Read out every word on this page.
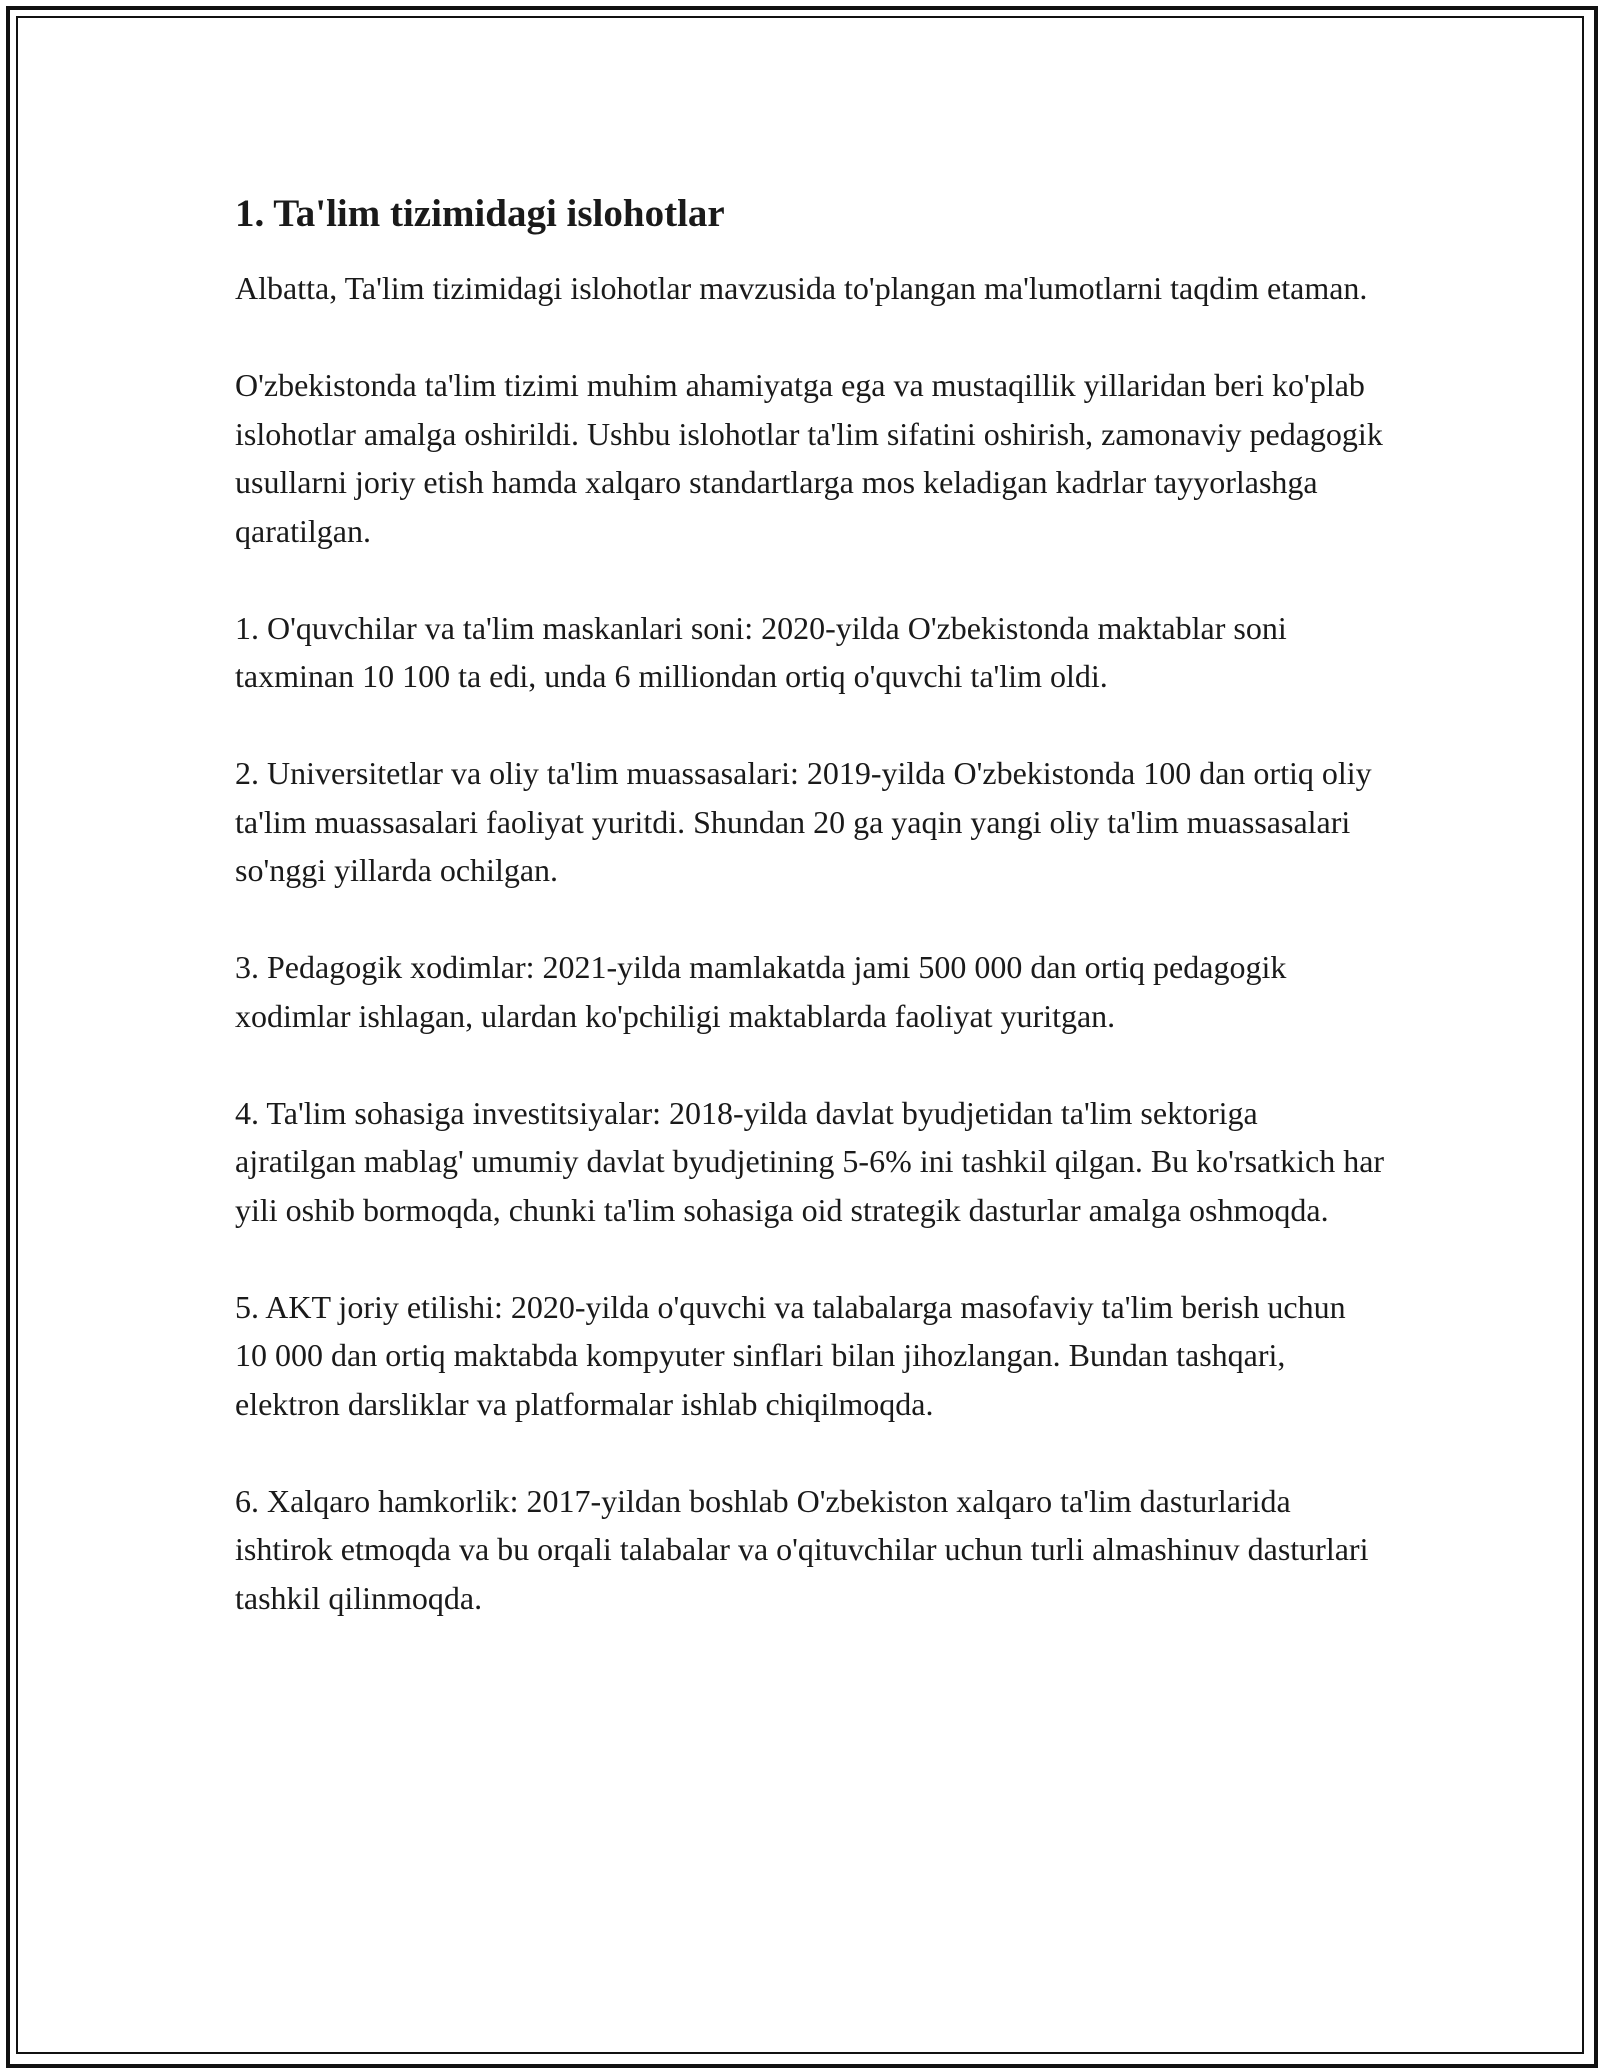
1. Ta'lim tizimidagi islohotlar

Albatta, Ta'lim tizimidagi islohotlar mavzusida to'plangan ma'lumotlarni taqdim etaman.

O'zbekistonda ta'lim tizimi muhim ahamiyatga ega va mustaqillik yillaridan beri ko'plab islohotlar amalga oshirildi. Ushbu islohotlar ta'lim sifatini oshirish, zamonaviy pedagogik usullarni joriy etish hamda xalqaro standartlarga mos keladigan kadrlar tayyorlashga qaratilgan.

1. O'quvchilar va ta'lim maskanlari soni: 2020-yilda O'zbekistonda maktablar soni taxminan 10 100 ta edi, unda 6 milliondan ortiq o'quvchi ta'lim oldi.

2. Universitetlar va oliy ta'lim muassasalari: 2019-yilda O'zbekistonda 100 dan ortiq oliy ta'lim muassasalari faoliyat yuritdi. Shundan 20 ga yaqin yangi oliy ta'lim muassasalari so'nggi yillarda ochilgan.

3. Pedagogik xodimlar: 2021-yilda mamlakatda jami 500 000 dan ortiq pedagogik xodimlar ishlagan, ulardan ko'pchiligi maktablarda faoliyat yuritgan.

4. Ta'lim sohasiga investitsiyalar: 2018-yilda davlat byudjetidan ta'lim sektoriga ajratilgan mablag' umumiy davlat byudjetining 5-6% ini tashkil qilgan. Bu ko'rsatkich har yili oshib bormoqda, chunki ta'lim sohasiga oid strategik dasturlar amalga oshmoqda.

5. AKT joriy etilishi: 2020-yilda o'quvchi va talabalarga masofaviy ta'lim berish uchun 10 000 dan ortiq maktabda kompyuter sinflari bilan jihozlangan. Bundan tashqari, elektron darsliklar va platformalar ishlab chiqilmoqda.

6. Xalqaro hamkorlik: 2017-yildan boshlab O'zbekiston xalqaro ta'lim dasturlarida ishtirok etmoqda va bu orqali talabalar va o'qituvchilar uchun turli almashinuv dasturlari tashkil qilinmoqda.
